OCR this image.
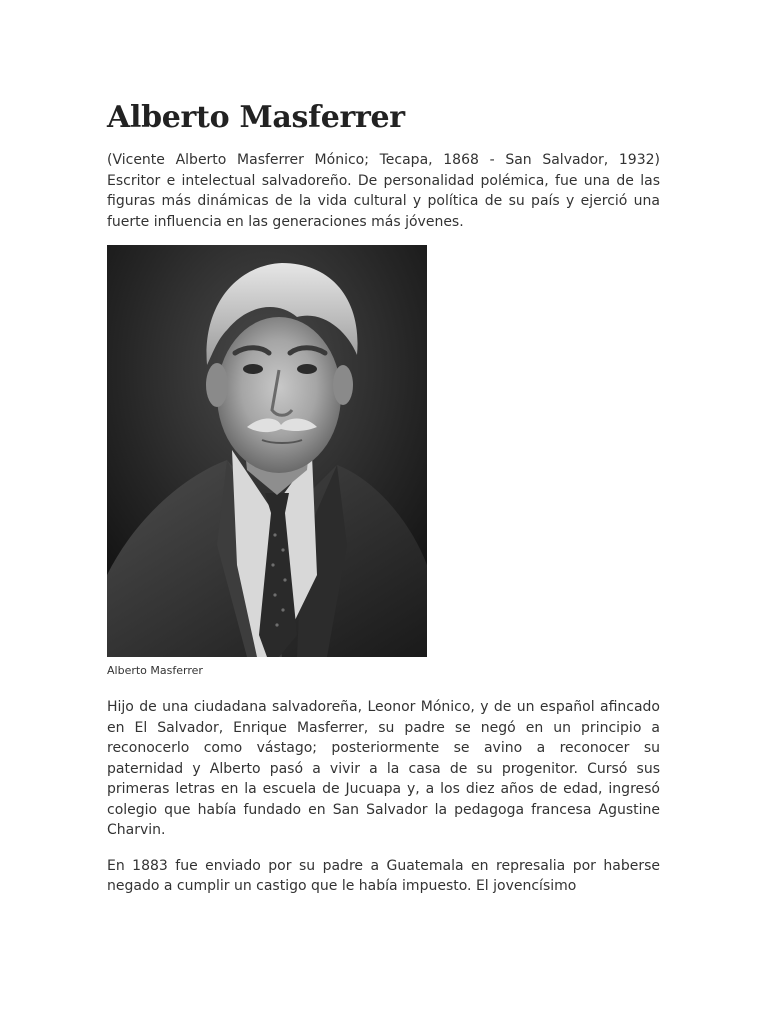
Alberto Masferrer

(Vicente Alberto Masferrer Mónico; Tecapa, 1868 - San Salvador, 1932) Escritor e intelectual salvadoreño. De personalidad polémica, fue una de las figuras más dinámicas de la vida cultural y política de su país y ejerció una fuerte influencia en las generaciones más jóvenes.

Alberto Masferrer

Hijo de una ciudadana salvadoreña, Leonor Mónico, y de un español afincado en El Salvador, Enrique Masferrer, su padre se negó en un principio a reconocerlo como vástago; posteriormente se avino a reconocer su paternidad y Alberto pasó a vivir a la casa de su progenitor. Cursó sus primeras letras en la escuela de Jucuapa y, a los diez años de edad, ingresó colegio que había fundado en San Salvador la pedagoga francesa Agustine Charvin.

En 1883 fue enviado por su padre a Guatemala en represalia por haberse negado a cumplir un castigo que le había impuesto. El jovencísimo
